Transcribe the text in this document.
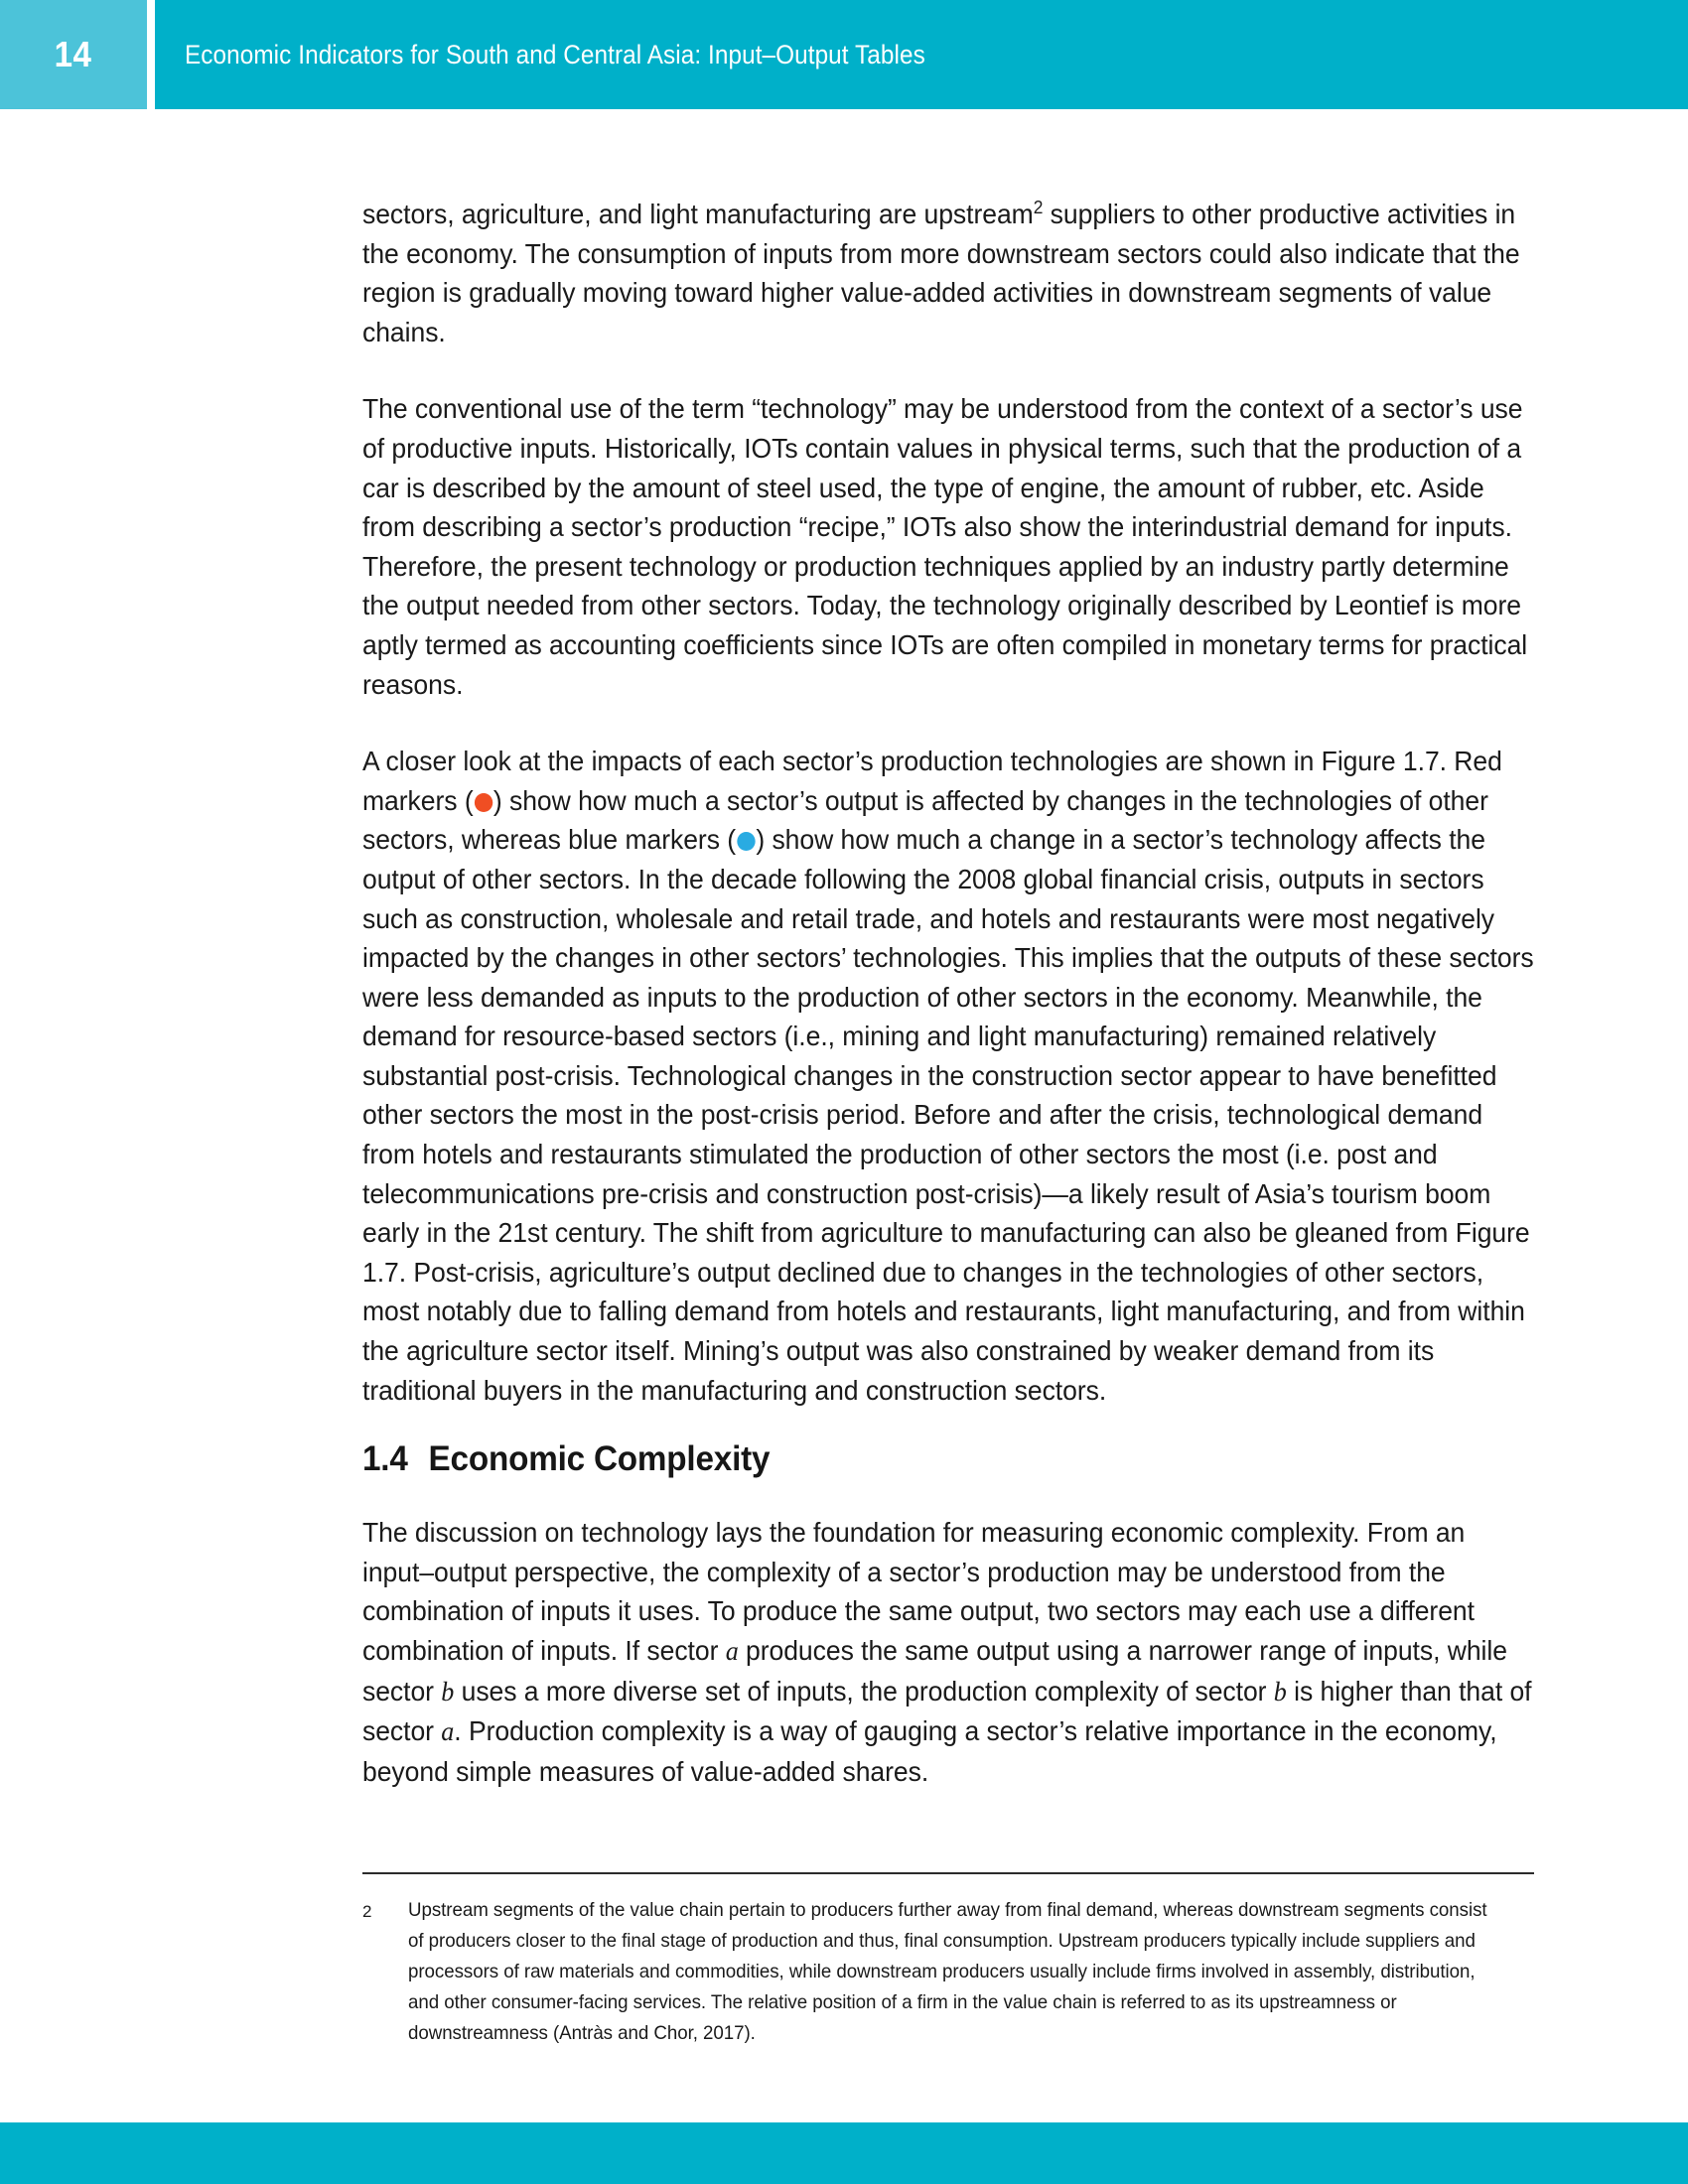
14	Economic Indicators for South and Central Asia: Input–Output Tables

sectors, agriculture, and light manufacturing are upstream$^2$ suppliers to other productive activities in the economy. The consumption of inputs from more downstream sectors could also indicate that the region is gradually moving toward higher value-added activities in downstream segments of value chains.

The conventional use of the term “technology” may be understood from the context of a sector’s use of productive inputs. Historically, IOTs contain values in physical terms, such that the production of a car is described by the amount of steel used, the type of engine, the amount of rubber, etc. Aside from describing a sector’s production “recipe,” IOTs also show the interindustrial demand for inputs. Therefore, the present technology or production techniques applied by an industry partly determine the output needed from other sectors. Today, the technology originally described by Leontief is more aptly termed as accounting coefficients since IOTs are often compiled in monetary terms for practical reasons.

A closer look at the impacts of each sector’s production technologies are shown in Figure 1.7. Red markers ( ) show how much a sector’s output is affected by changes in the technologies of other sectors, whereas blue markers ( ) show how much a change in a sector’s technology affects the output of other sectors. In the decade following the 2008 global financial crisis, outputs in sectors such as construction, wholesale and retail trade, and hotels and restaurants were most negatively impacted by the changes in other sectors’ technologies. This implies that the outputs of these sectors were less demanded as inputs to the production of other sectors in the economy. Meanwhile, the demand for resource-based sectors (i.e., mining and light manufacturing) remained relatively substantial post-crisis. Technological changes in the construction sector appear to have benefitted other sectors the most in the post-crisis period. Before and after the crisis, technological demand from hotels and restaurants stimulated the production of other sectors the most (i.e. post and telecommunications pre-crisis and construction post-crisis)—a likely result of Asia’s tourism boom early in the 21st century. The shift from agriculture to manufacturing can also be gleaned from Figure 1.7. Post-crisis, agriculture’s output declined due to changes in the technologies of other sectors, most notably due to falling demand from hotels and restaurants, light manufacturing, and from within the agriculture sector itself. Mining’s output was also constrained by weaker demand from its traditional buyers in the manufacturing and construction sectors.

1.4 Economic Complexity

The discussion on technology lays the foundation for measuring economic complexity. From an input–output perspective, the complexity of a sector’s production may be understood from the combination of inputs it uses. To produce the same output, two sectors may each use a different combination of inputs. If sector a produces the same output using a narrower range of inputs, while sector b uses a more diverse set of inputs, the production complexity of sector b is higher than that of sector a. Production complexity is a way of gauging a sector’s relative importance in the economy, beyond simple measures of value-added shares.

2	Upstream segments of the value chain pertain to producers further away from final demand, whereas downstream segments consist of producers closer to the final stage of production and thus, final consumption. Upstream producers typically include suppliers and processors of raw materials and commodities, while downstream producers usually include firms involved in assembly, distribution, and other consumer-facing services. The relative position of a firm in the value chain is referred to as its upstreamness or downstreamness (Antràs and Chor, 2017).
